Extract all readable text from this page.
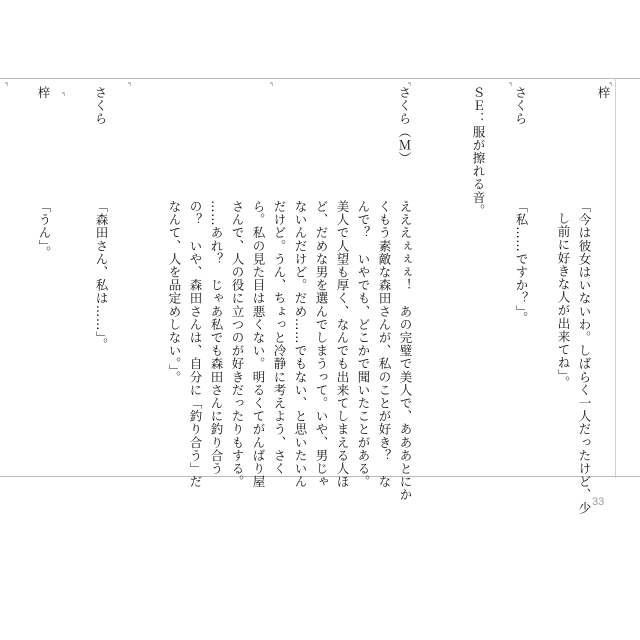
٩
٩
٩
٩
٩
٩
٩
梓
「今は彼女はいないわ。しばらく一人だったけど、少
し前に好きな人が出来てね」。
さくら
「私……ですか？」。
ＳＥ：服が擦れる音。
さくら（Ｍ）
えええぇぇぇ！　あの完璧で美人で、あああとにか
くもう素敵な森田さんが、私のことが好き？　な
んで？　いやでも、どこかで聞いたことがある。
美人で人望も厚く、なんでも出来てしまえる人ほ
ど、だめな男を選んでしまうって。いや、男じゃ
ないんだけど。だめ……でもない、と思いたいん
だけど。うん、ちょっと冷静に考えよう、さく
ら。私の見た目は悪くない。明るくてがんばり屋
さんで、人の役に立つのが好きだったりもする。
……あれ？　じゃあ私でも森田さんに釣り合う
の？　いや、森田さんは、自分に「釣り合う」だ
なんて、人を品定めしない。」。
さくら
「森田さん、私は……」。
梓
「うん」。
33
